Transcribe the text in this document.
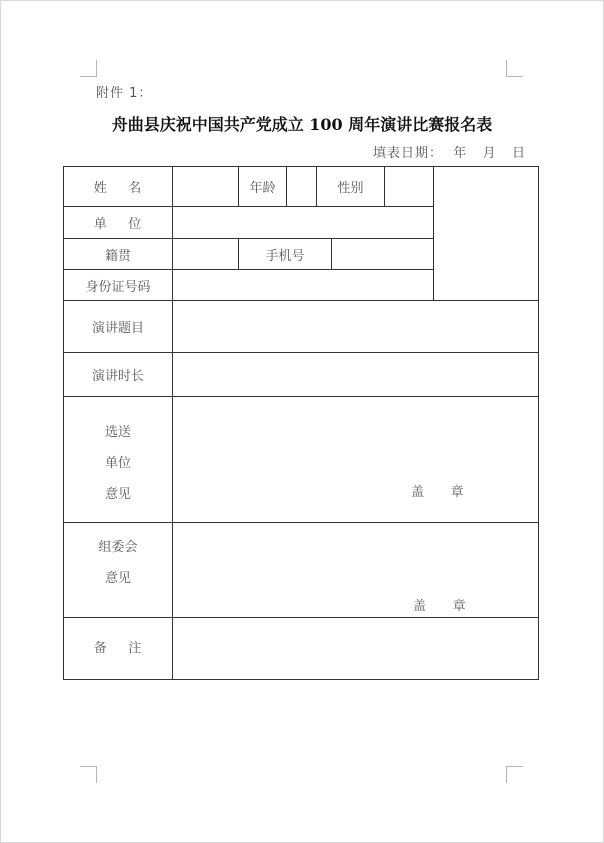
附件 1：
舟曲县庆祝中国共产党成立 100 周年演讲比赛报名表
填表日期：  年   月   日
姓    名		年龄		性别			
单    位							
籍贯		手机号					
身份证号码							
演讲题目							
演讲时长							

选送
单位
意见	盖     章						

组委会
意见	盖     章						

备    注							
